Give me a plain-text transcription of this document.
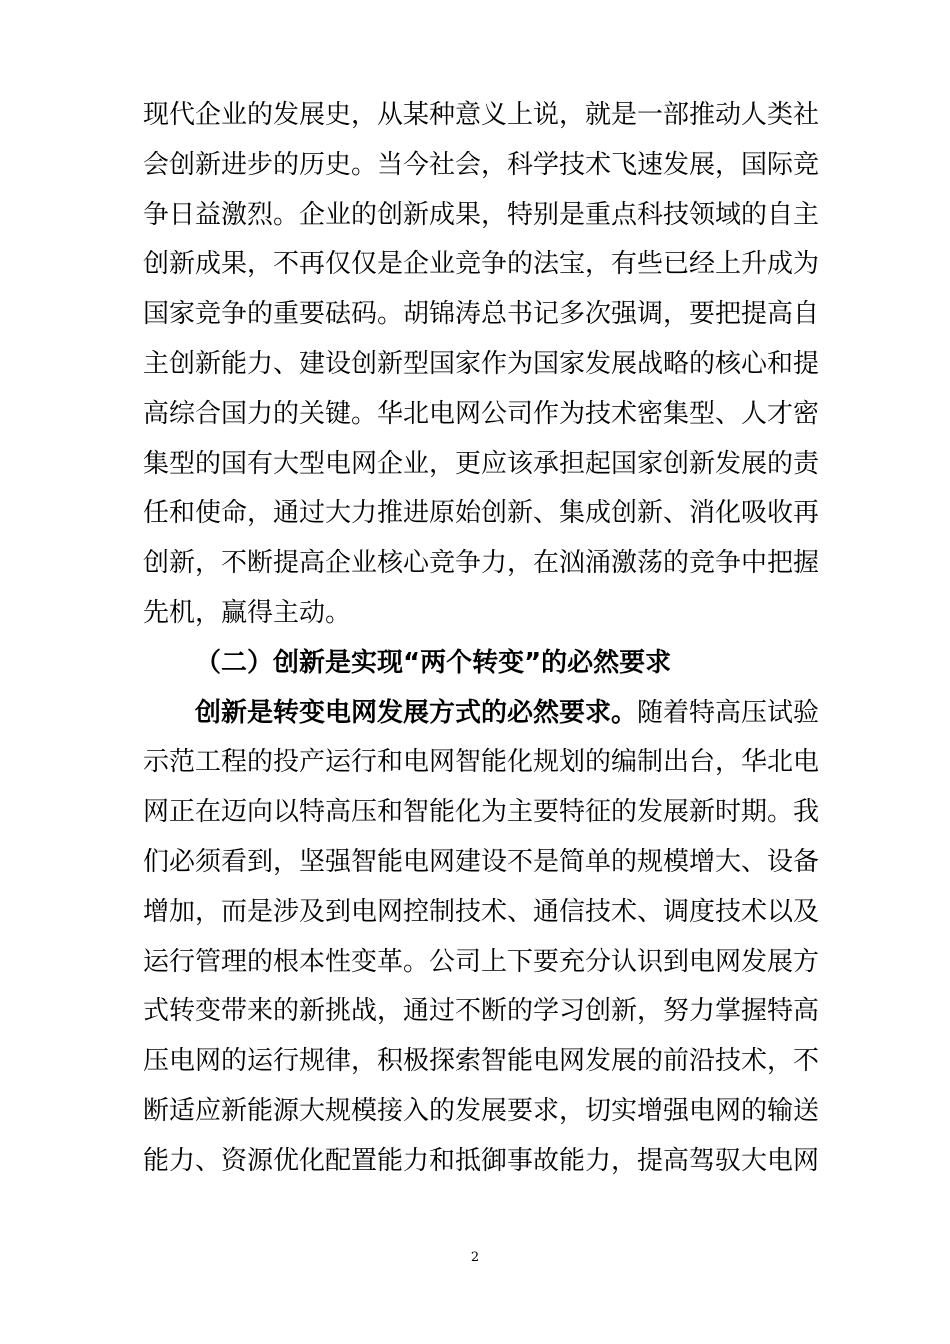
现代企业的发展史，从某种意义上说，就是一部推动人类社
会创新进步的历史。当今社会，科学技术飞速发展，国际竞
争日益激烈。企业的创新成果，特别是重点科技领域的自主
创新成果，不再仅仅是企业竞争的法宝，有些已经上升成为
国家竞争的重要砝码。胡锦涛总书记多次强调，要把提高自
主创新能力、建设创新型国家作为国家发展战略的核心和提
高综合国力的关键。华北电网公司作为技术密集型、人才密
集型的国有大型电网企业，更应该承担起国家创新发展的责
任和使命，通过大力推进原始创新、集成创新、消化吸收再
创新，不断提高企业核心竞争力，在汹涌激荡的竞争中把握
先机，赢得主动。
（二）创新是实现“两个转变”的必然要求
创新是转变电网发展方式的必然要求。随着特高压试验
示范工程的投产运行和电网智能化规划的编制出台，华北电
网正在迈向以特高压和智能化为主要特征的发展新时期。我
们必须看到，坚强智能电网建设不是简单的规模增大、设备
增加，而是涉及到电网控制技术、通信技术、调度技术以及
运行管理的根本性变革。公司上下要充分认识到电网发展方
式转变带来的新挑战，通过不断的学习创新，努力掌握特高
压电网的运行规律，积极探索智能电网发展的前沿技术，不
断适应新能源大规模接入的发展要求，切实增强电网的输送
能力、资源优化配置能力和抵御事故能力，提高驾驭大电网
2
